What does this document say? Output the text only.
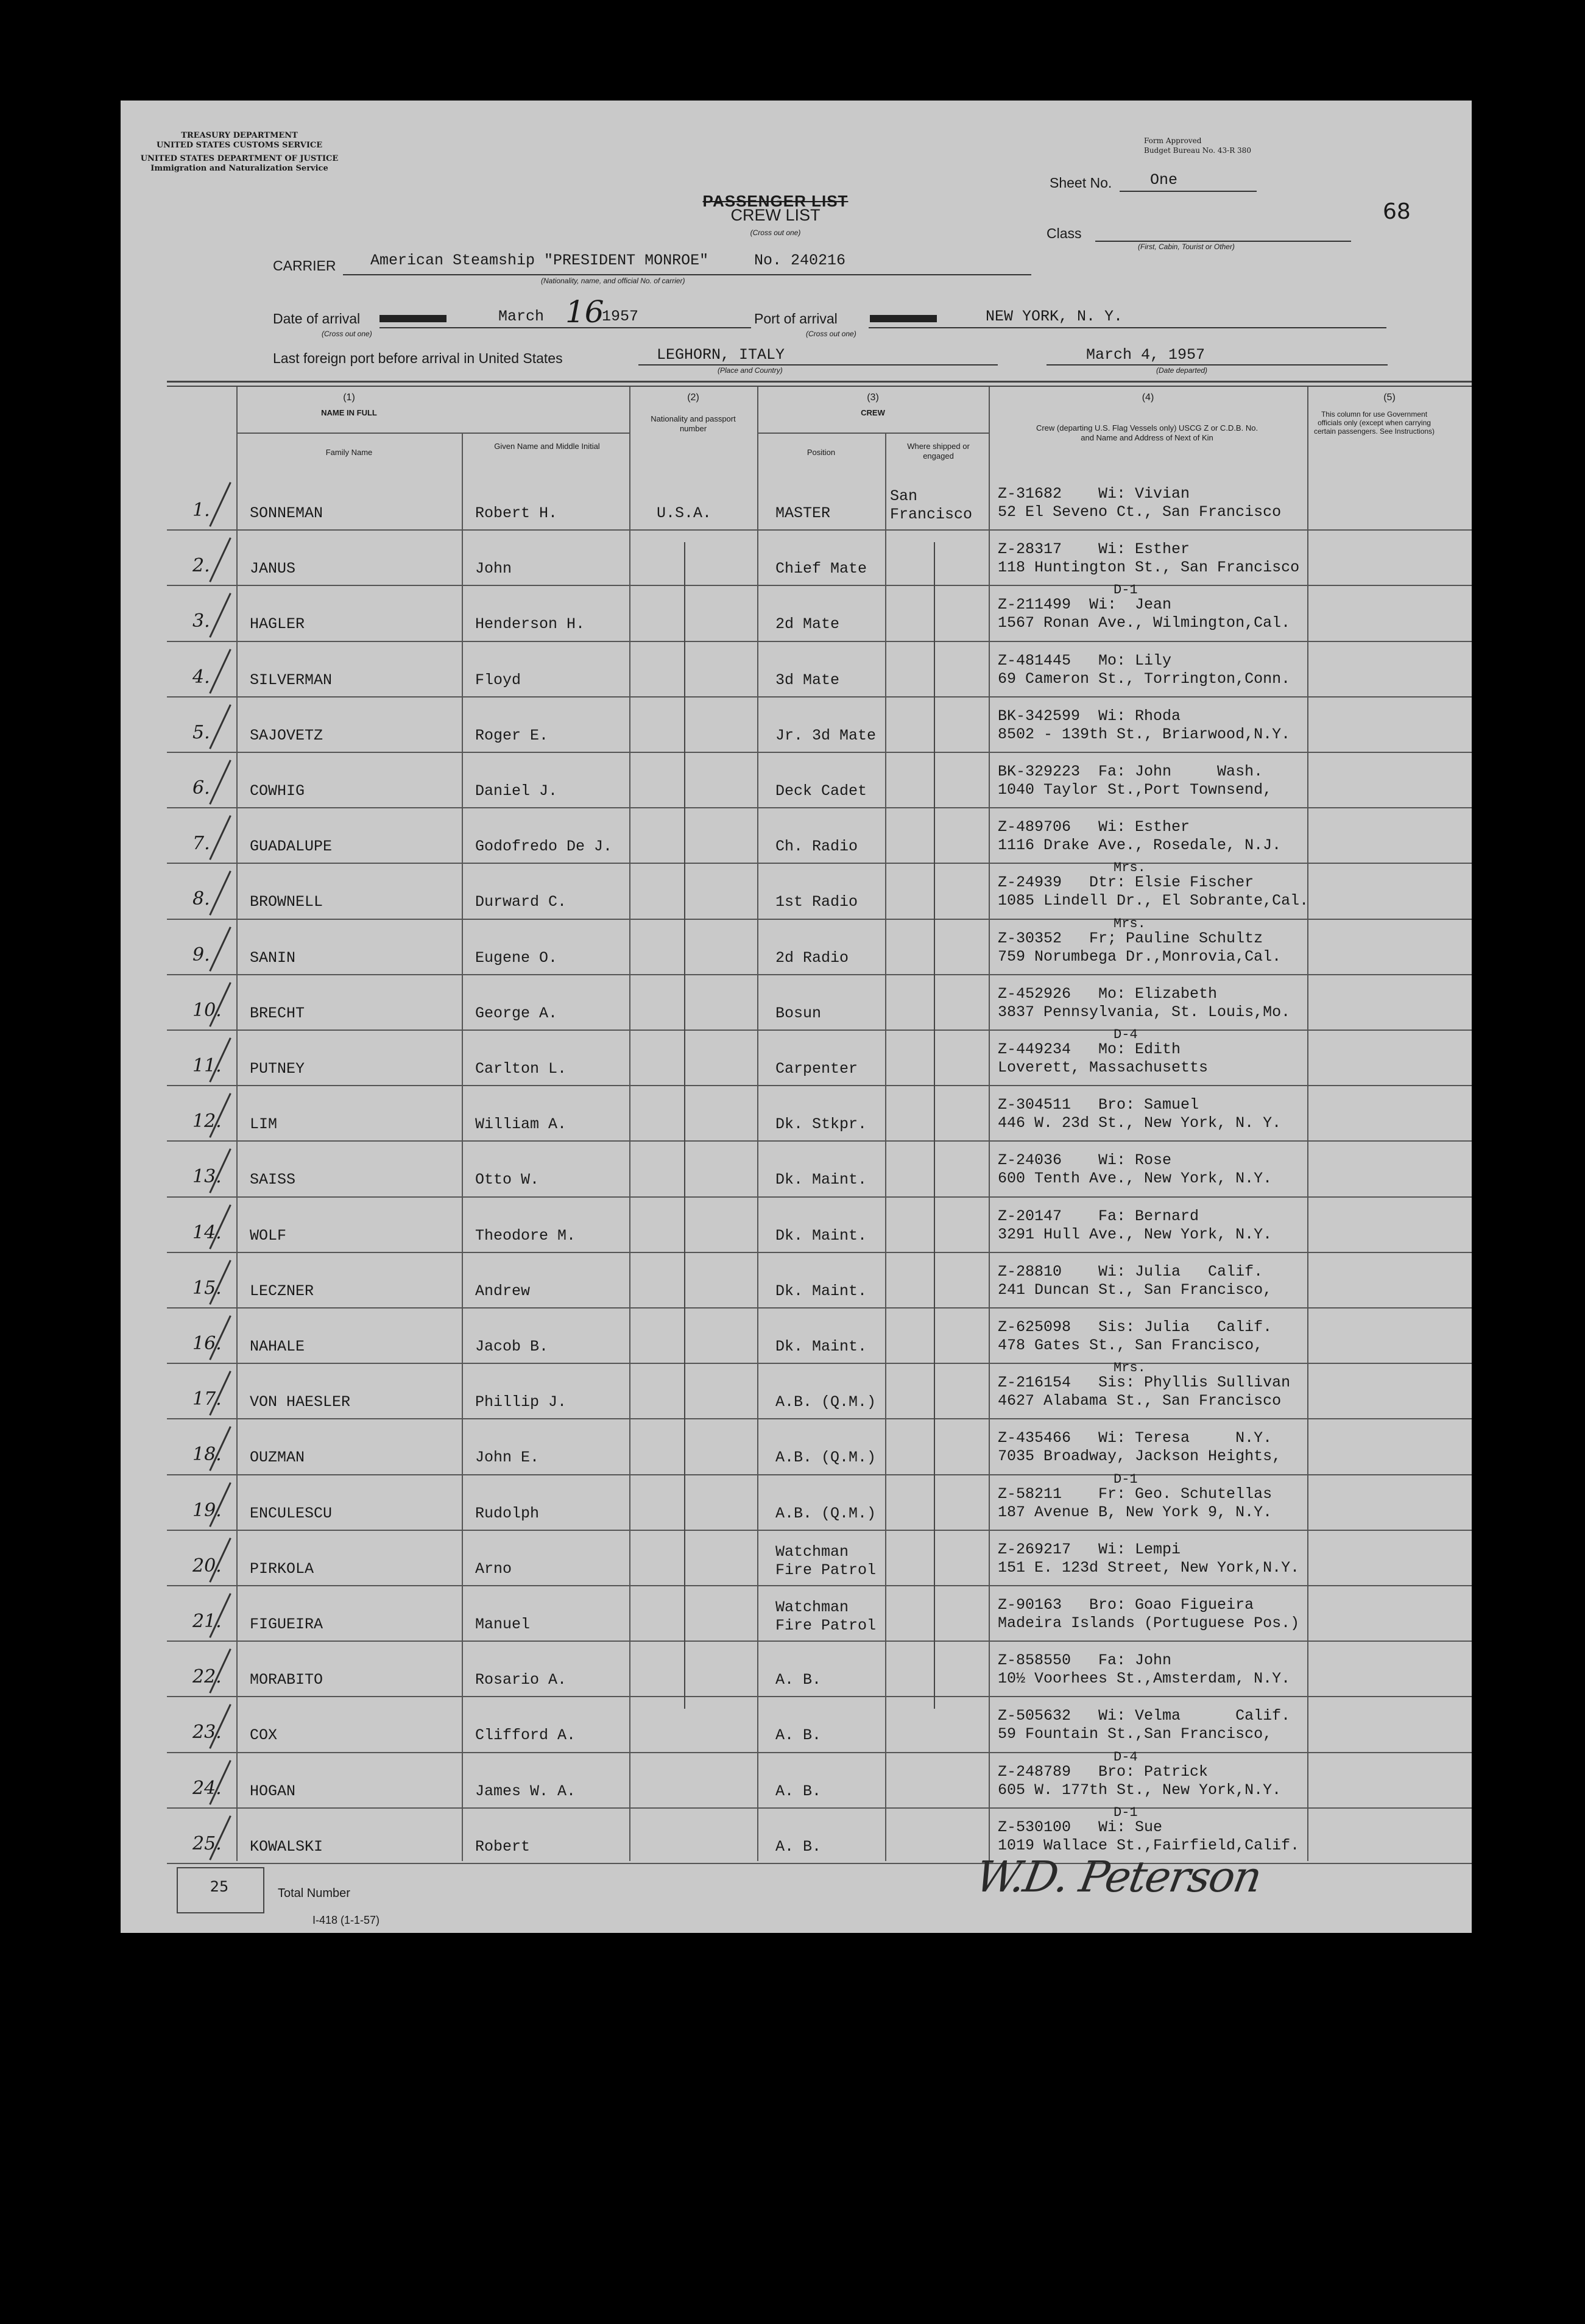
TREASURY DEPARTMENT
UNITED STATES CUSTOMS SERVICE
UNITED STATES DEPARTMENT OF JUSTICE
Immigration and Naturalization Service
Form Approved
Budget Bureau No. 43-R 380
PASSENGER LIST
CREW LIST
(Cross out one)
Sheet No.	One
68
Class
(First, Cabin, Tourist or Other)
CARRIER American Steamship "PRESIDENT MONROE"	No. 240216
(Nationality, name, and official No. of carrier)
Date of arrival	March 16
1957
(Cross out one)
Port of arrival	NEW YORK, N. Y.
(Cross out one)
Last foreign port before arrival in United States	LEGHORN, ITALY
(Place and Country)
March 4, 1957
(Date departed)
(1)
NAME IN FULL
Family Name
Given Name and Middle Initial
(2)
Nationality and passport number
(3)
CREW
Position
Where shipped or engaged
(4)
Crew (departing U.S. Flag Vessels only) USCG Z or C.D.B. No. and Name and Address of Next of Kin
(5)
This column for use Government officials only (except when carrying certain passengers. See Instructions)
1.	SONNEMAN	Robert H.	U.S.A.	MASTER
San
Francisco
Z-31682    Wi: Vivian
52 El Seveno Ct., San Francisco
2.	JANUS	John	Chief Mate
Z-28317    Wi: Esther
118 Huntington St., San Francisco
3.	HAGLER	Henderson H.	2d Mate
D-1
Z-211499  Wi:  Jean
1567 Ronan Ave., Wilmington,Cal.
4.	SILVERMAN	Floyd	3d Mate
Z-481445   Mo: Lily
69 Cameron St., Torrington,Conn.
5.	SAJOVETZ	Roger E.	Jr. 3d Mate
BK-342599  Wi: Rhoda
8502 - 139th St., Briarwood,N.Y.
6.	COWHIG	Daniel J.	Deck Cadet
BK-329223  Fa: John     Wash.
1040 Taylor St.,Port Townsend,
7.	GUADALUPE	Godofredo De J.	Ch. Radio
Z-489706   Wi: Esther
1116 Drake Ave., Rosedale, N.J.
8.	BROWNELL	Durward C.	1st Radio
Mrs.
Z-24939   Dtr: Elsie Fischer
1085 Lindell Dr., El Sobrante,Cal.
9.	SANIN	Eugene O.	2d Radio
Mrs.
Z-30352   Fr; Pauline Schultz
759 Norumbega Dr.,Monrovia,Cal.
10. BRECHT	George A.	Bosun
Z-452926   Mo: Elizabeth
3837 Pennsylvania, St. Louis,Mo.
11. PUTNEY	Carlton L.	Carpenter
D-4
Z-449234   Mo: Edith
Loverett, Massachusetts
12. LIM	William A.	Dk. Stkpr.
Z-304511   Bro: Samuel
446 W. 23d St., New York, N. Y.
13. SAISS	Otto W.	Dk. Maint.
Z-24036    Wi: Rose
600 Tenth Ave., New York, N.Y.
14. WOLF	Theodore M.	Dk. Maint.
Z-20147    Fa: Bernard
3291 Hull Ave., New York, N.Y.
15. LECZNER	Andrew	Dk. Maint.
Z-28810    Wi: Julia   Calif.
241 Duncan St., San Francisco,
16. NAHALE	Jacob B.	Dk. Maint.
Z-625098   Sis: Julia   Calif.
478 Gates St., San Francisco,
17. VON HAESLER	Phillip J.	A.B. (Q.M.)
Mrs.
Z-216154   Sis: Phyllis Sullivan
4627 Alabama St., San Francisco
18. OUZMAN	John E.	A.B. (Q.M.)
Z-435466   Wi: Teresa     N.Y.
7035 Broadway, Jackson Heights,
19. ENCULESCU	Rudolph	A.B. (Q.M.)
D-1
Z-58211    Fr: Geo. Schutellas
187 Avenue B, New York 9, N.Y.
20. PIRKOLA	Arno
Watchman
Fire Patrol
Z-269217   Wi: Lempi
151 E. 123d Street, New York,N.Y.
21. FIGUEIRA	Manuel
Watchman
Fire Patrol
Z-90163   Bro: Goao Figueira
Madeira Islands (Portuguese Pos.)
22. MORABITO	Rosario A.	A. B.
Z-858550   Fa: John
10½ Voorhees St.,Amsterdam, N.Y.
23. COX	Clifford A.	A. B.
Z-505632   Wi: Velma      Calif.
59 Fountain St.,San Francisco,
24. HOGAN	James W. A.	A. B.
D-4
Z-248789   Bro: Patrick
605 W. 177th St., New York,N.Y.
25. KOWALSKI	Robert	A. B.
D-1
Z-530100   Wi: Sue
1019 Wallace St.,Fairfield,Calif.
25	Total Number
I-418 (1-1-57)
W.D. Peterson
